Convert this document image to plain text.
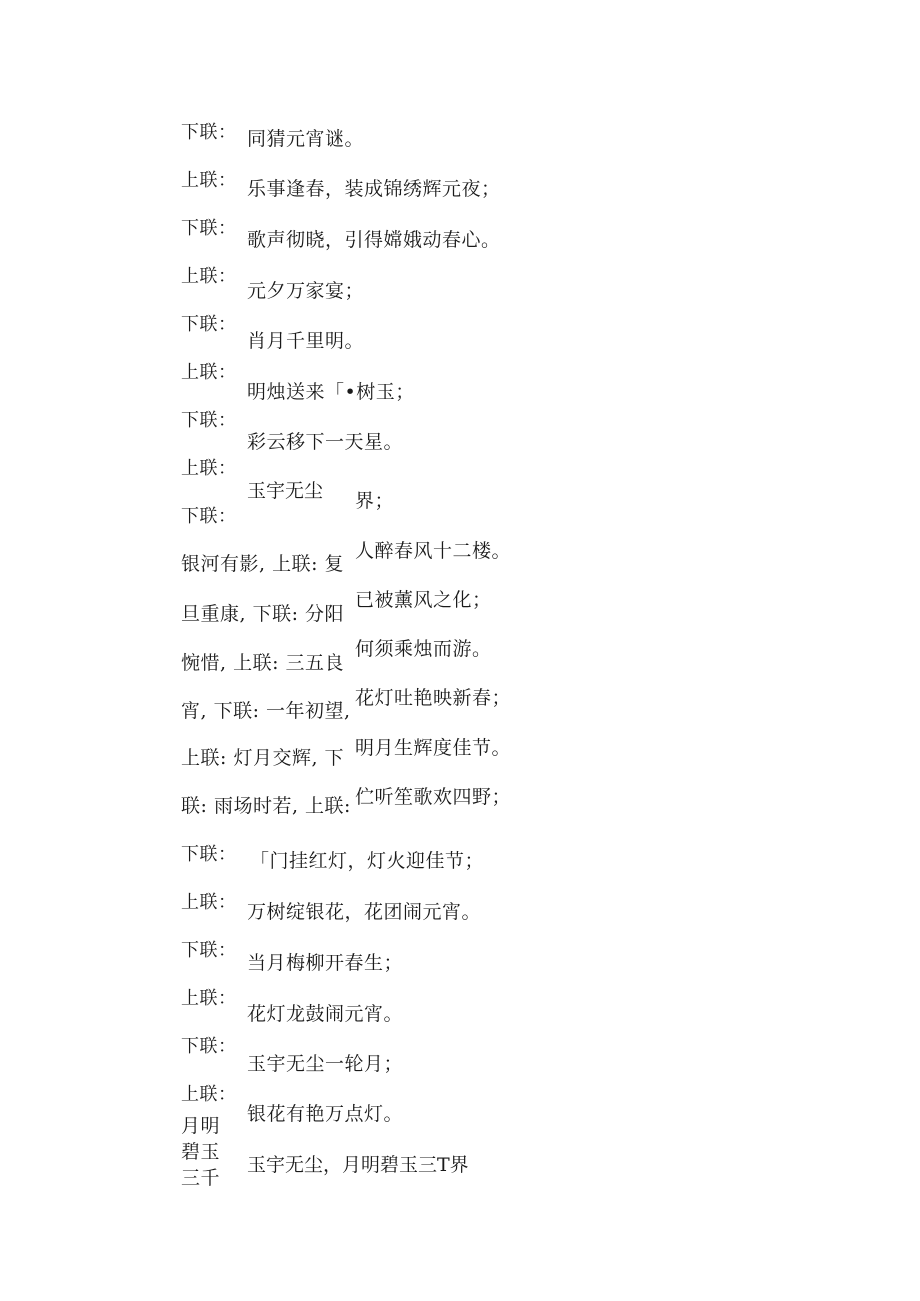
下联： 同猜元宵谜。
上联： 乐事逢春，装成锦绣辉元夜；
下联：
歌声彻晓，引得嫦娥动春心。
上联：
元夕万家宴；
下联：
肖月千里明。
上联：
明烛送来「•树玉；
下联：
彩云移下一天星。
上联：
玉宇无尘
下联：
银河有影, 上联: 复
旦重康, 下联: 分阳
惋惜, 上联: 三五良
宵, 下联: 一年初望,
上联: 灯月交辉, 下
联: 雨场时若, 上联:
界；
人醉春风十二楼。
已被薰风之化；
何须乘烛而游。
花灯吐艳映新春；
明月生辉度佳节。
伫听笙歌欢四野；
下联： 「门挂红灯，灯火迎佳节；
上联： 万树绽银花，花团闹元宵。
下联：
当月梅柳开春生；
上联：
花灯龙鼓闹元宵。
下联：
玉宇无尘一轮月；
上联：
银花有艳万点灯。
月明
碧玉
三千
玉宇无尘，月明碧玉三T界
